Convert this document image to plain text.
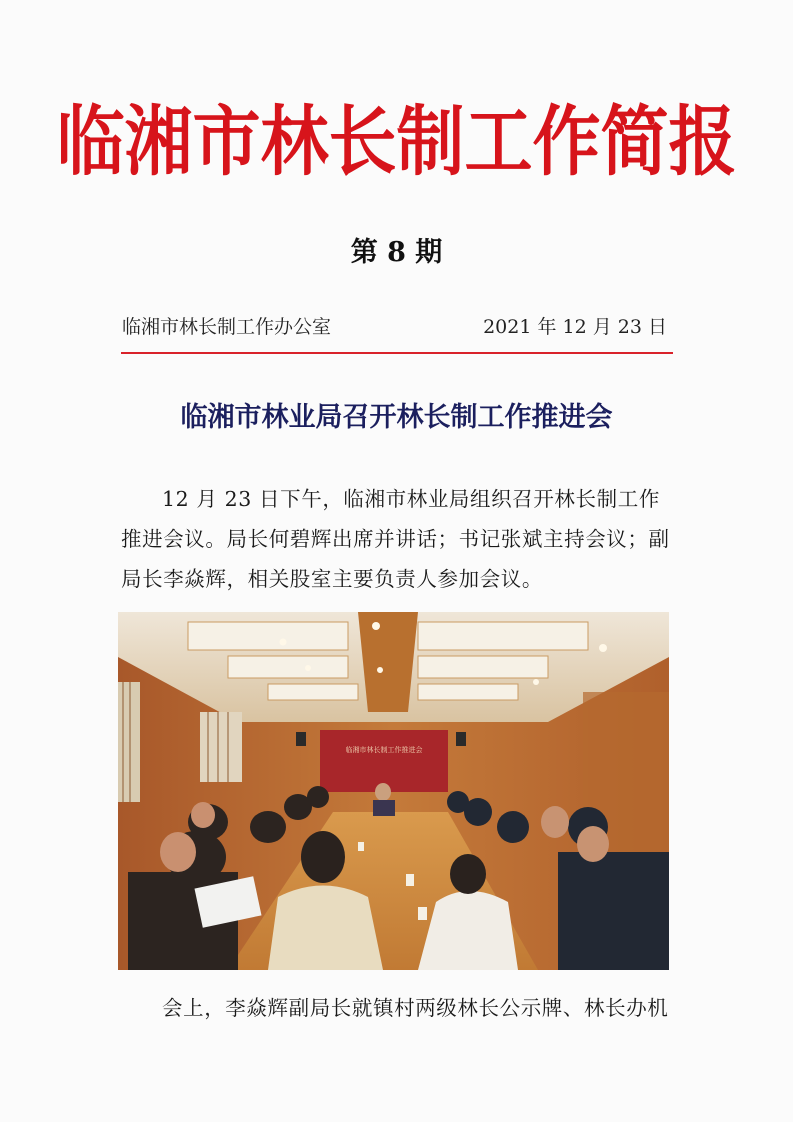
临湘市林长制工作简报
第 8 期
临湘市林长制工作办公室	2021 年 12 月 23 日
临湘市林业局召开林长制工作推进会
12 月 23 日下午，临湘市林业局组织召开林长制工作推进会议。局长何碧辉出席并讲话；书记张斌主持会议；副局长李焱辉，相关股室主要负责人参加会议。
临湘市林长制工作推进会
会上，李焱辉副局长就镇村两级林长公示牌、林长办机
